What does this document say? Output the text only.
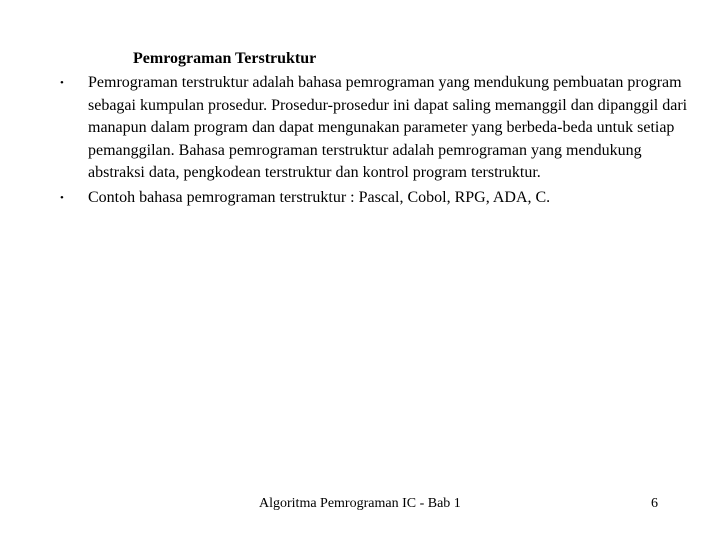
Pemrograman Terstruktur
•	Pemrograman terstruktur adalah bahasa pemrograman yang mendukung pembuatan program sebagai kumpulan prosedur. Prosedur-prosedur ini dapat saling memanggil dan dipanggil dari manapun dalam program dan dapat mengunakan parameter yang berbeda-beda untuk setiap pemanggilan. Bahasa pemrograman terstruktur adalah pemrograman yang mendukung abstraksi data, pengkodean terstruktur dan kontrol program terstruktur.
•	Contoh bahasa pemrograman terstruktur : Pascal, Cobol, RPG, ADA, C.
Algoritma Pemrograman IC - Bab 1	6
